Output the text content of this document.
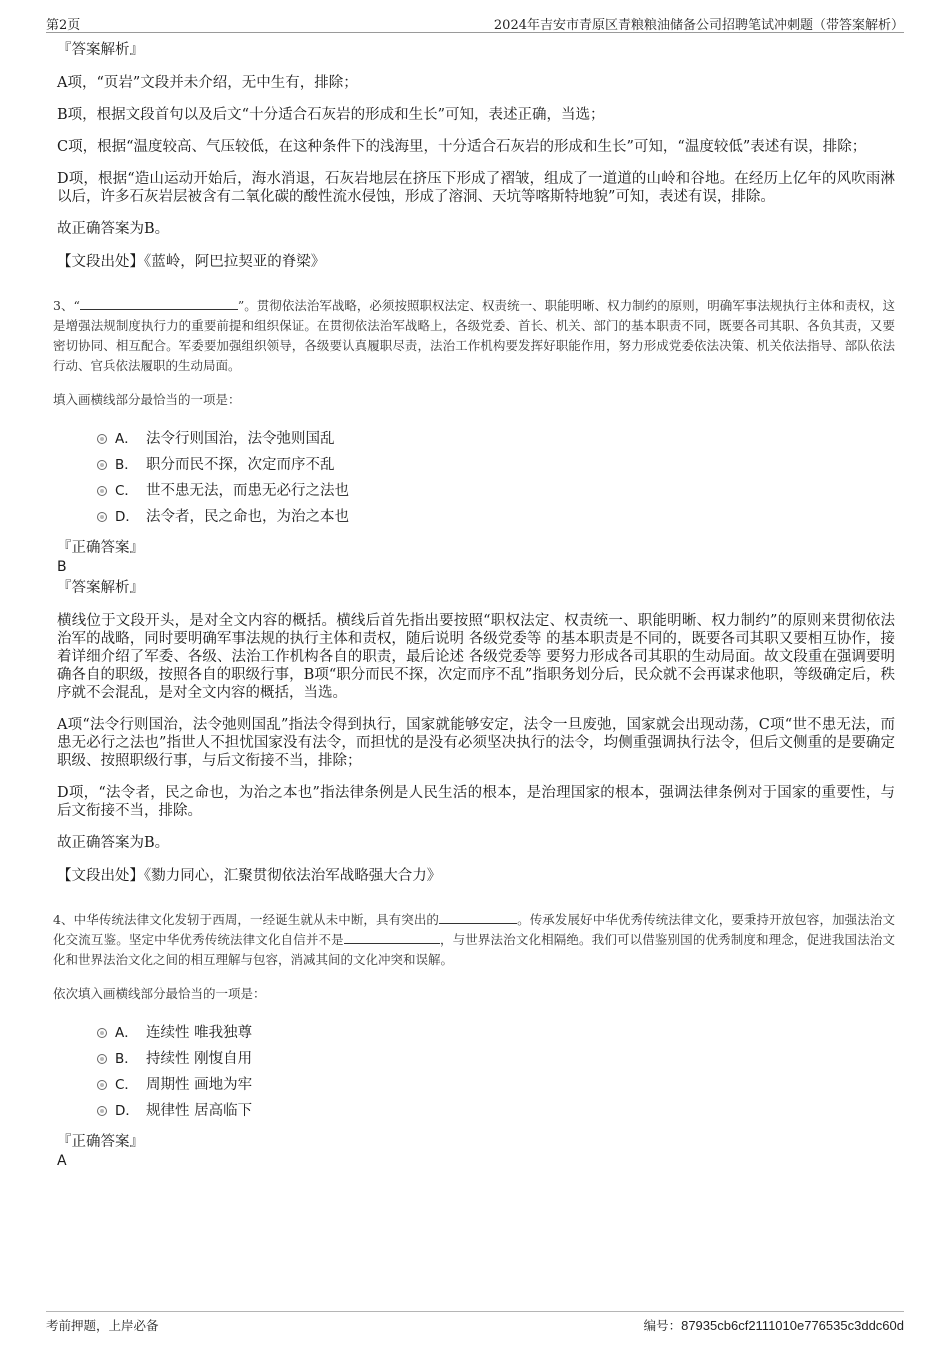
第2页	2024年吉安市青原区青粮粮油储备公司招聘笔试冲刺题（带答案解析）

『答案解析』

A项，“页岩”文段并未介绍，无中生有，排除；

B项，根据文段首句以及后文“十分适合石灰岩的形成和生长”可知，表述正确，当选；

C项，根据“温度较高、气压较低，在这种条件下的浅海里，十分适合石灰岩的形成和生长”可知，“温度较低”表述有误，排除；

D项，根据“造山运动开始后，海水消退，石灰岩地层在挤压下形成了褶皱，组成了一道道的山岭和谷地。在经历上亿年的风吹雨淋以后，许多石灰岩层被含有二氧化碳的酸性流水侵蚀，形成了溶洞、天坑等喀斯特地貌”可知，表述有误，排除。

故正确答案为B。

【文段出处】《蓝岭，阿巴拉契亚的脊梁》

3、“	”。贯彻依法治军战略，必须按照职权法定、权责统一、职能明晰、权力制约的原则，明确军事法规执行主体和责权，这是增强法规制度执行力的重要前提和组织保证。在贯彻依法治军战略上，各级党委、首长、机关、部门的基本职责不同，既要各司其职、各负其责，又要密切协同、相互配合。军委要加强组织领导，各级要认真履职尽责，法治工作机构要发挥好职能作用，努力形成党委依法决策、机关依法指导、部队依法行动、官兵依法履职的生动局面。

填入画横线部分最恰当的一项是：

A． 法令行则国治，法令弛则国乱
B． 职分而民不探，次定而序不乱
C． 世不患无法，而患无必行之法也
D． 法令者，民之命也，为治之本也

『正确答案』

B

『答案解析』

横线位于文段开头，是对全文内容的概括。横线后首先指出要按照“职权法定、权责统一、职能明晰、权力制约”的原则来贯彻依法治军的战略，同时要明确军事法规的执行主体和责权，随后说明 各级党委等 的基本职责是不同的，既要各司其职又要相互协作，接着详细介绍了军委、各级、法治工作机构各自的职责，最后论述 各级党委等 要努力形成各司其职的生动局面。故文段重在强调要明确各自的职级，按照各自的职级行事，B项“职分而民不探，次定而序不乱”指职务划分后，民众就不会再谋求他职，等级确定后，秩序就不会混乱，是对全文内容的概括，当选。

A项“法令行则国治，法令弛则国乱”指法令得到执行，国家就能够安定，法令一旦废弛，国家就会出现动荡，C项“世不患无法，而患无必行之法也”指世人不担忧国家没有法令，而担忧的是没有必须坚决执行的法令，均侧重强调执行法令，但后文侧重的是要确定职级、按照职级行事，与后文衔接不当，排除；

D项，“法令者，民之命也，为治之本也”指法律条例是人民生活的根本，是治理国家的根本，强调法律条例对于国家的重要性，与后文衔接不当，排除。

故正确答案为B。

【文段出处】《勠力同心，汇聚贯彻依法治军战略强大合力》

4、中华传统法律文化发轫于西周，一经诞生就从未中断，具有突出的	。传承发展好中华优秀传统法律文化，要秉持开放包容，加强法治文化交流互鉴。坚定中华优秀传统法律文化自信并不是	，与世界法治文化相隔绝。我们可以借鉴别国的优秀制度和理念，促进我国法治文化和世界法治文化之间的相互理解与包容，消减其间的文化冲突和误解。

依次填入画横线部分最恰当的一项是：

A． 连续性 唯我独尊
B． 持续性 刚愎自用
C． 周期性 画地为牢
D． 规律性 居高临下

『正确答案』

A

考前押题，上岸必备	编号：87935cb6cf2111010e776535c3ddc60d
